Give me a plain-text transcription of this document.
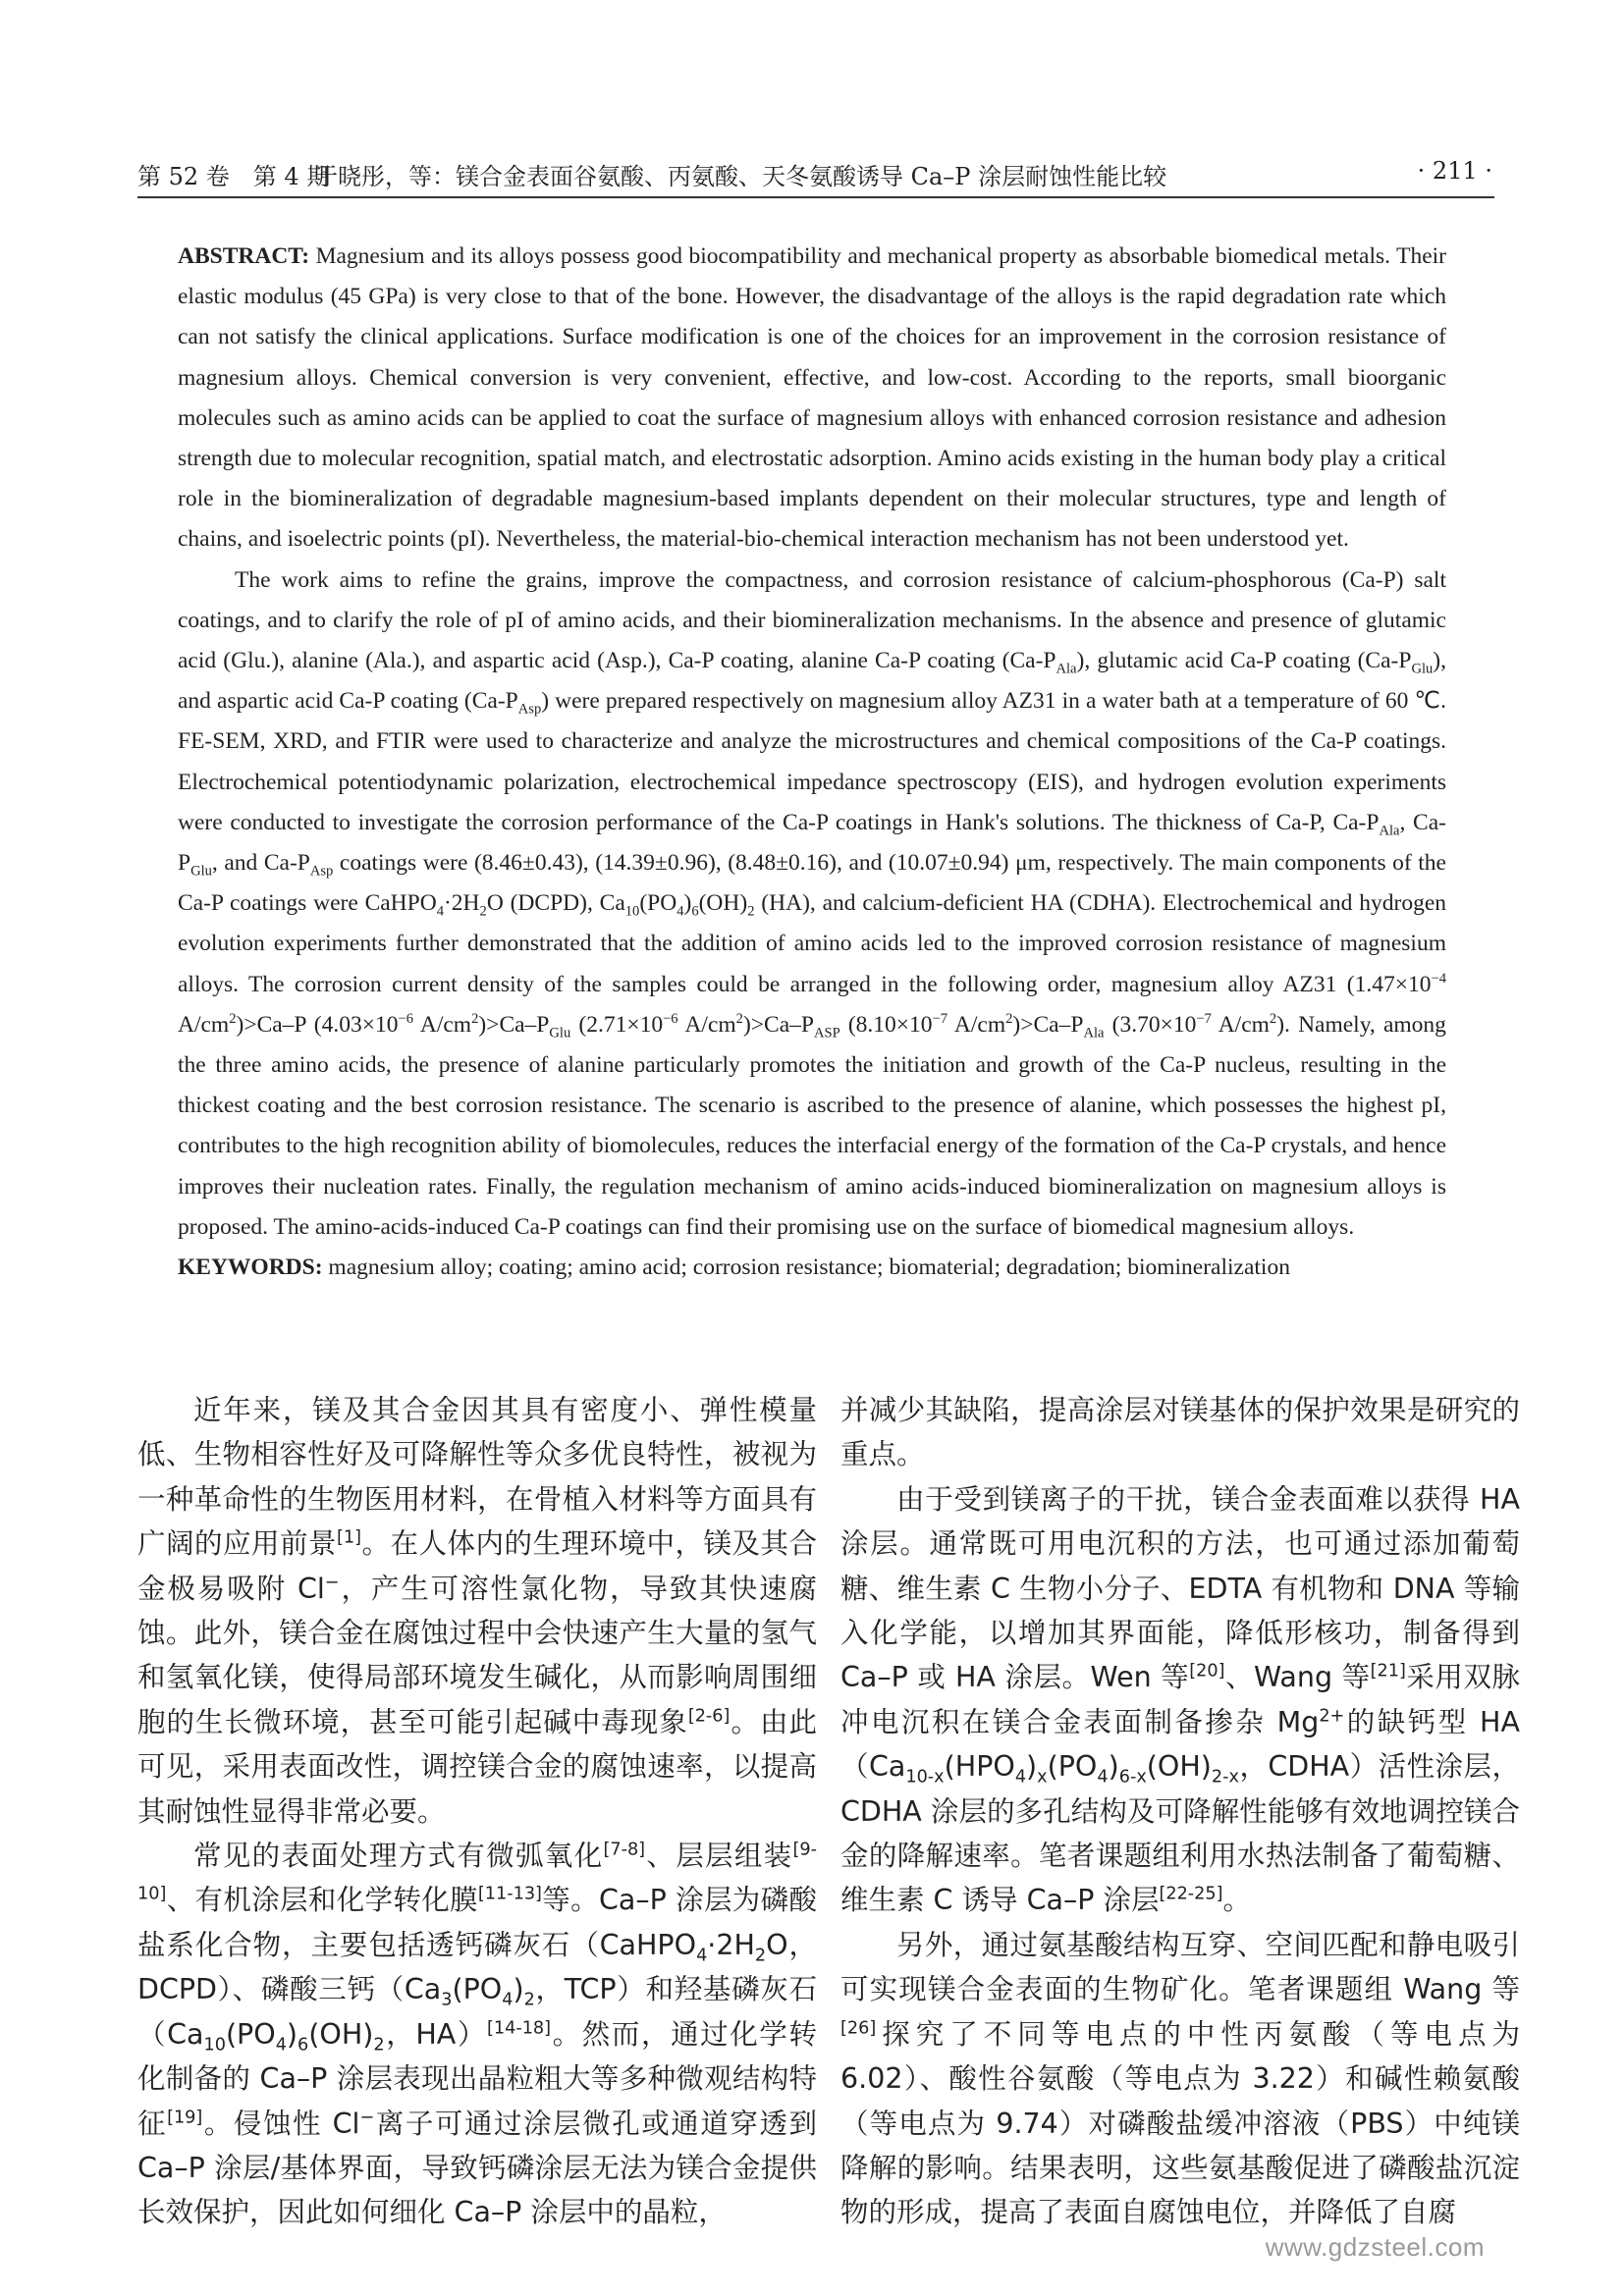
第 52 卷　第 4 期
于晓彤，等：镁合金表面谷氨酸、丙氨酸、天冬氨酸诱导 Ca–P 涂层耐蚀性能比较	· 211 ·

ABSTRACT: Magnesium and its alloys possess good biocompatibility and mechanical property as absorbable biomedical metals. Their elastic modulus (45 GPa) is very close to that of the bone. However, the disadvantage of the alloys is the rapid degradation rate which can not satisfy the clinical applications. Surface modification is one of the choices for an improvement in the corrosion resistance of magnesium alloys. Chemical conversion is very convenient, effective, and low-cost. According to the reports, small bioorganic molecules such as amino acids can be applied to coat the surface of magnesium alloys with enhanced corrosion resistance and adhesion strength due to molecular recognition, spatial match, and electrostatic adsorption. Amino acids existing in the human body play a critical role in the biomineralization of degradable magnesium-based implants dependent on their molecular structures, type and length of chains, and isoelectric points (pI). Nevertheless, the material-bio-chemical interaction mechanism has not been understood yet.

The work aims to refine the grains, improve the compactness, and corrosion resistance of calcium-phosphorous (Ca-P) salt coatings, and to clarify the role of pI of amino acids, and their biomineralization mechanisms. In the absence and presence of glutamic acid (Glu.), alanine (Ala.), and aspartic acid (Asp.), Ca-P coating, alanine Ca-P coating $(Ca-P_{Ala})$, glutamic acid Ca-P coating $(Ca-P_{Glu})$, and aspartic acid Ca-P coating $(Ca-P_{Asp})$ were prepared respectively on magnesium alloy AZ31 in a water bath at a temperature of 60 ℃. FE-SEM, XRD, and FTIR were used to characterize and analyze the microstructures and chemical compositions of the Ca-P coatings. Electrochemical potentiodynamic polarization, electrochemical impedance spectroscopy (EIS), and hydrogen evolution experiments were conducted to investigate the corrosion performance of the Ca-P coatings in Hank's solutions. The thickness of Ca-P, $Ca-P_{Ala}$, $Ca-P_{Glu}$, and $Ca-P_{Asp}$ coatings were (8.46±0.43), (14.39±0.96), (8.48±0.16), and (10.07±0.94) μm, respectively. The main components of the Ca-P coatings were $CaHPO_4\cdot 2H_2O$ (DCPD), $Ca_{10}(PO_4)_6(OH)_2$ (HA), and calcium-deficient HA (CDHA). Electrochemical and hydrogen evolution experiments further demonstrated that the addition of amino acids led to the improved corrosion resistance of magnesium alloys. The corrosion current density of the samples could be arranged in the following order, magnesium alloy AZ31 ($1.47\times 10^{-4}$ $A/cm^2)>Ca-P$ ($4.03\times 10^{-6}$ $A/cm^2)>Ca-P_{Glu}$ ($2.71\times 10^{-6}$ $A/cm^2)>Ca-P_{ASP}$ ($8.10\times 10^{-7}$ $A/cm^2)>Ca-P_{Ala}$ ($3.70\times 10^{-7}$ $A/cm^2$). Namely, among the three amino acids, the presence of alanine particularly promotes the initiation and growth of the Ca-P nucleus, resulting in the thickest coating and the best corrosion resistance. The scenario is ascribed to the presence of alanine, which possesses the highest pI, contributes to the high recognition ability of biomolecules, reduces the interfacial energy of the formation of the Ca-P crystals, and hence improves their nucleation rates. Finally, the regulation mechanism of amino acids-induced biomineralization on magnesium alloys is proposed. The amino-acids-induced Ca-P coatings can find their promising use on the surface of biomedical magnesium alloys.

KEYWORDS: magnesium alloy; coating; amino acid; corrosion resistance; biomaterial; degradation; biomineralization

近年来，镁及其合金因其具有密度小、弹性模量低、生物相容性好及可降解性等众多优良特性，被视为一种革命性的生物医用材料，在骨植入材料等方面具有广阔的应用前景[1]。在人体内的生理环境中，镁及其合金极易吸附 Cl−，产生可溶性氯化物，导致其快速腐蚀。此外，镁合金在腐蚀过程中会快速产生大量的氢气和氢氧化镁，使得局部环境发生碱化，从而影响周围细胞的生长微环境，甚至可能引起碱中毒现象[2-6]。由此可见，采用表面改性，调控镁合金的腐蚀速率，以提高其耐蚀性显得非常必要。

常见的表面处理方式有微弧氧化[7-8]、层层组装[9-10]、有机涂层和化学转化膜[11-13]等。Ca–P 涂层为磷酸盐系化合物，主要包括透钙磷灰石（$CaHPO_4\cdot 2H_2O$，DCPD）、磷酸三钙（$Ca_3(PO_4)_2$，TCP）和羟基磷灰石（$Ca_{10}(PO_4)_6(OH)_2$，HA）[14-18]。然而，通过化学转化制备的 Ca–P 涂层表现出晶粒粗大等多种微观结构特征[19]。侵蚀性 Cl−离子可通过涂层微孔或通道穿透到 Ca–P 涂层/基体界面，导致钙磷涂层无法为镁合金提供长效保护，因此如何细化 Ca–P 涂层中的晶粒，

并减少其缺陷，提高涂层对镁基体的保护效果是研究的重点。

由于受到镁离子的干扰，镁合金表面难以获得 HA 涂层。通常既可用电沉积的方法，也可通过添加葡萄糖、维生素 C 生物小分子、EDTA 有机物和 DNA 等输入化学能，以增加其界面能，降低形核功，制备得到 Ca–P 或 HA 涂层。Wen 等[20]、Wang 等[21]采用双脉冲电沉积在镁合金表面制备掺杂 $Mg^{2+}$的缺钙型 $HA(Ca_{10-x}(HPO_4)_x(PO_4)_{6-x}(OH)_{2-x}$，CDHA）活性涂层，CDHA 涂层的多孔结构及可降解性能够有效地调控镁合金的降解速率。笔者课题组利用水热法制备了葡萄糖、维生素 C 诱导 Ca–P 涂层[22-25]。

另外，通过氨基酸结构互穿、空间匹配和静电吸引可实现镁合金表面的生物矿化。笔者课题组 Wang 等[26]探究了不同等电点的中性丙氨酸（等电点为 6.02）、酸性谷氨酸（等电点为 3.22）和碱性赖氨酸（等电点为 9.74）对磷酸盐缓冲溶液（PBS）中纯镁降解的影响。结果表明，这些氨基酸促进了磷酸盐沉淀物的形成，提高了表面自腐蚀电位，并降低了自腐

www.gdzsteel.com
